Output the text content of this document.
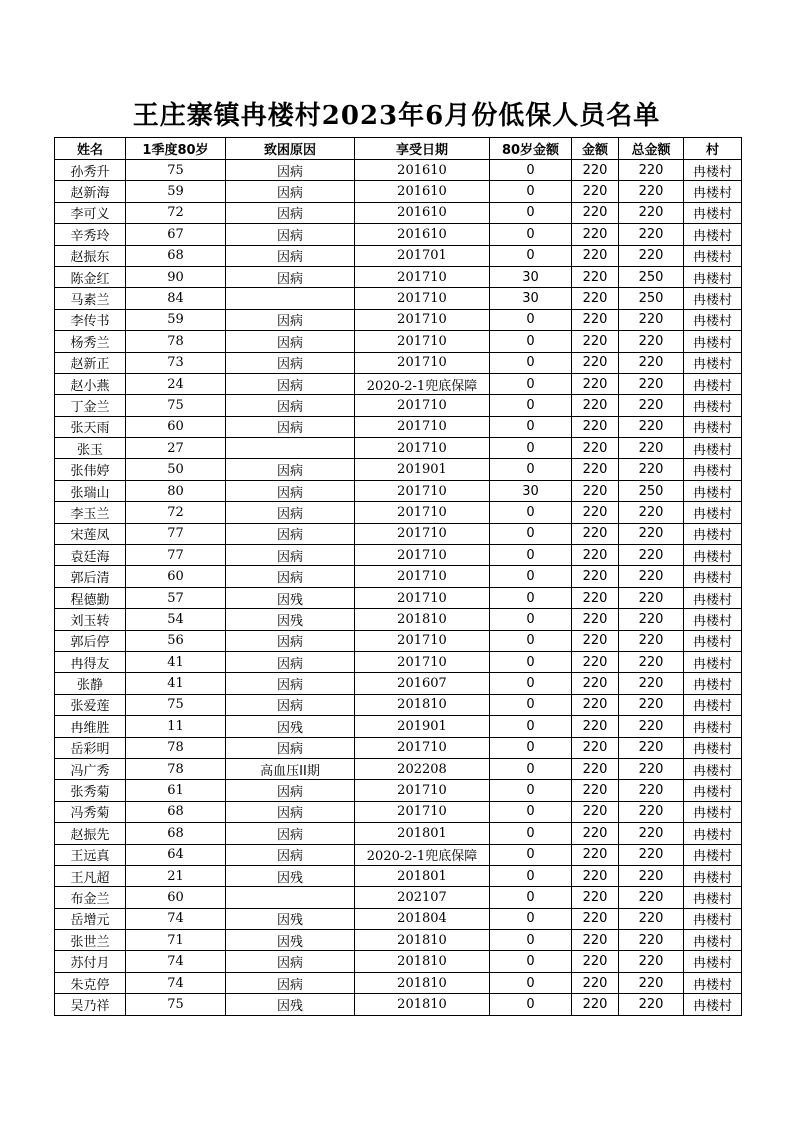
王庄寨镇冉楼村2023年6月份低保人员名单
姓名	1季度80岁	致困原因	享受日期	80岁金额	金额	总金额	村
孙秀升	75	因病	201610	0	220	220	冉楼村
赵新海	59	因病	201610	0	220	220	冉楼村
李可义	72	因病	201610	0	220	220	冉楼村
辛秀玲	67	因病	201610	0	220	220	冉楼村
赵振东	68	因病	201701	0	220	220	冉楼村
陈金红	90	因病	201710	30	220	250	冉楼村
马素兰	84		201710	30	220	250	冉楼村
李传书	59	因病	201710	0	220	220	冉楼村
杨秀兰	78	因病	201710	0	220	220	冉楼村
赵新正	73	因病	201710	0	220	220	冉楼村
赵小燕	24	因病	2020-2-1兜底保障	0	220	220	冉楼村
丁金兰	75	因病	201710	0	220	220	冉楼村
张天雨	60	因病	201710	0	220	220	冉楼村
张玉	27		201710	0	220	220	冉楼村
张伟婷	50	因病	201901	0	220	220	冉楼村
张瑞山	80	因病	201710	30	220	250	冉楼村
李玉兰	72	因病	201710	0	220	220	冉楼村
宋莲凤	77	因病	201710	0	220	220	冉楼村
袁廷海	77	因病	201710	0	220	220	冉楼村
郭后清	60	因病	201710	0	220	220	冉楼村
程德勤	57	因残	201710	0	220	220	冉楼村
刘玉转	54	因残	201810	0	220	220	冉楼村
郭后停	56	因病	201710	0	220	220	冉楼村
冉得友	41	因病	201710	0	220	220	冉楼村
张静	41	因病	201607	0	220	220	冉楼村
张爱莲	75	因病	201810	0	220	220	冉楼村
冉维胜	11	因残	201901	0	220	220	冉楼村
岳彩明	78	因病	201710	0	220	220	冉楼村
冯广秀	78	高血压II期	202208	0	220	220	冉楼村
张秀菊	61	因病	201710	0	220	220	冉楼村
冯秀菊	68	因病	201710	0	220	220	冉楼村
赵振先	68	因病	201801	0	220	220	冉楼村
王远真	64	因病	2020-2-1兜底保障	0	220	220	冉楼村
王凡超	21	因残	201801	0	220	220	冉楼村
布金兰	60		202107	0	220	220	冉楼村
岳增元	74	因残	201804	0	220	220	冉楼村
张世兰	71	因残	201810	0	220	220	冉楼村
苏付月	74	因病	201810	0	220	220	冉楼村
朱克停	74	因病	201810	0	220	220	冉楼村
吴乃祥	75	因残	201810	0	220	220	冉楼村
